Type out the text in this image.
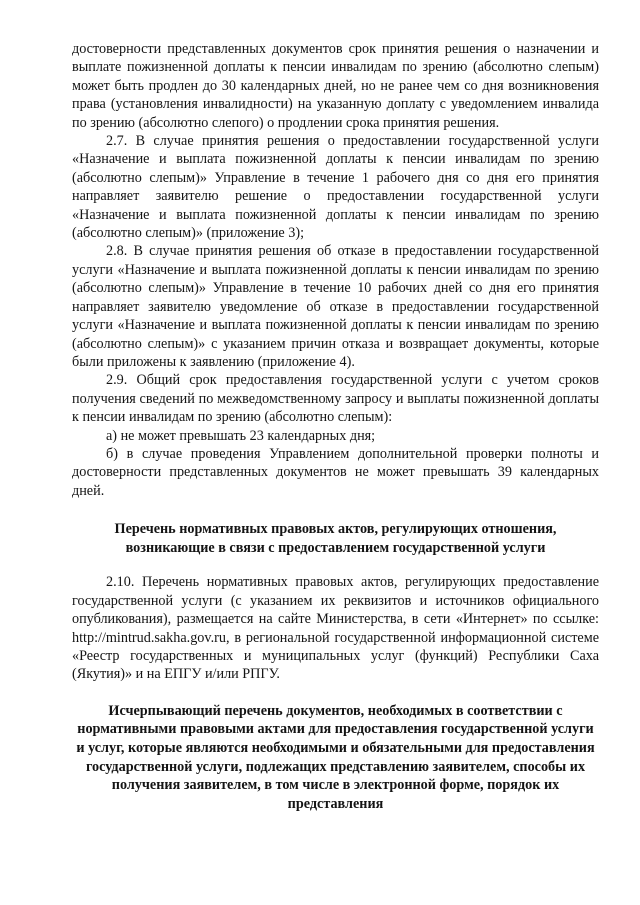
достоверности представленных документов срок принятия решения о назначении и выплате пожизненной доплаты к пенсии инвалидам по зрению (абсолютно слепым) может быть продлен до 30 календарных дней, но не ранее чем со дня возникновения права (установления инвалидности) на указанную доплату с уведомлением инвалида по зрению (абсолютно слепого) о продлении срока принятия решения.

2.7. В случае принятия решения о предоставлении государственной услуги «Назначение и выплата пожизненной доплаты к пенсии инвалидам по зрению (абсолютно слепым)» Управление в течение 1 рабочего дня со дня его принятия направляет заявителю решение о предоставлении государственной услуги «Назначение и выплата пожизненной доплаты к пенсии инвалидам по зрению (абсолютно слепым)» (приложение 3);

2.8. В случае принятия решения об отказе в предоставлении государственной услуги «Назначение и выплата пожизненной доплаты к пенсии инвалидам по зрению (абсолютно слепым)» Управление в течение 10 рабочих дней со дня его принятия направляет заявителю уведомление об отказе в предоставлении государственной услуги «Назначение и выплата пожизненной доплаты к пенсии инвалидам по зрению (абсолютно слепым)» с указанием причин отказа и возвращает документы, которые были приложены к заявлению (приложение 4).

2.9. Общий срок предоставления государственной услуги с учетом сроков получения сведений по межведомственному запросу и выплаты пожизненной доплаты к пенсии инвалидам по зрению (абсолютно слепым):

а) не может превышать 23 календарных дня;

б) в случае проведения Управлением дополнительной проверки полноты и достоверности представленных документов не может превышать 39 календарных дней.

Перечень нормативных правовых актов, регулирующих отношения, возникающие в связи с предоставлением государственной услуги

2.10. Перечень нормативных правовых актов, регулирующих предоставление государственной услуги (с указанием их реквизитов и источников официального опубликования), размещается на сайте Министерства, в сети «Интернет» по ссылке: http://mintrud.sakha.gov.ru, в региональной государственной информационной системе «Реестр государственных и муниципальных услуг (функций) Республики Саха (Якутия)» и на ЕПГУ и/или РПГУ.

Исчерпывающий перечень документов, необходимых в соответствии с нормативными правовыми актами для предоставления государственной услуги и услуг, которые являются необходимыми и обязательными для предоставления государственной услуги, подлежащих представлению заявителем, способы их получения заявителем, в том числе в электронной форме, порядок их представления
